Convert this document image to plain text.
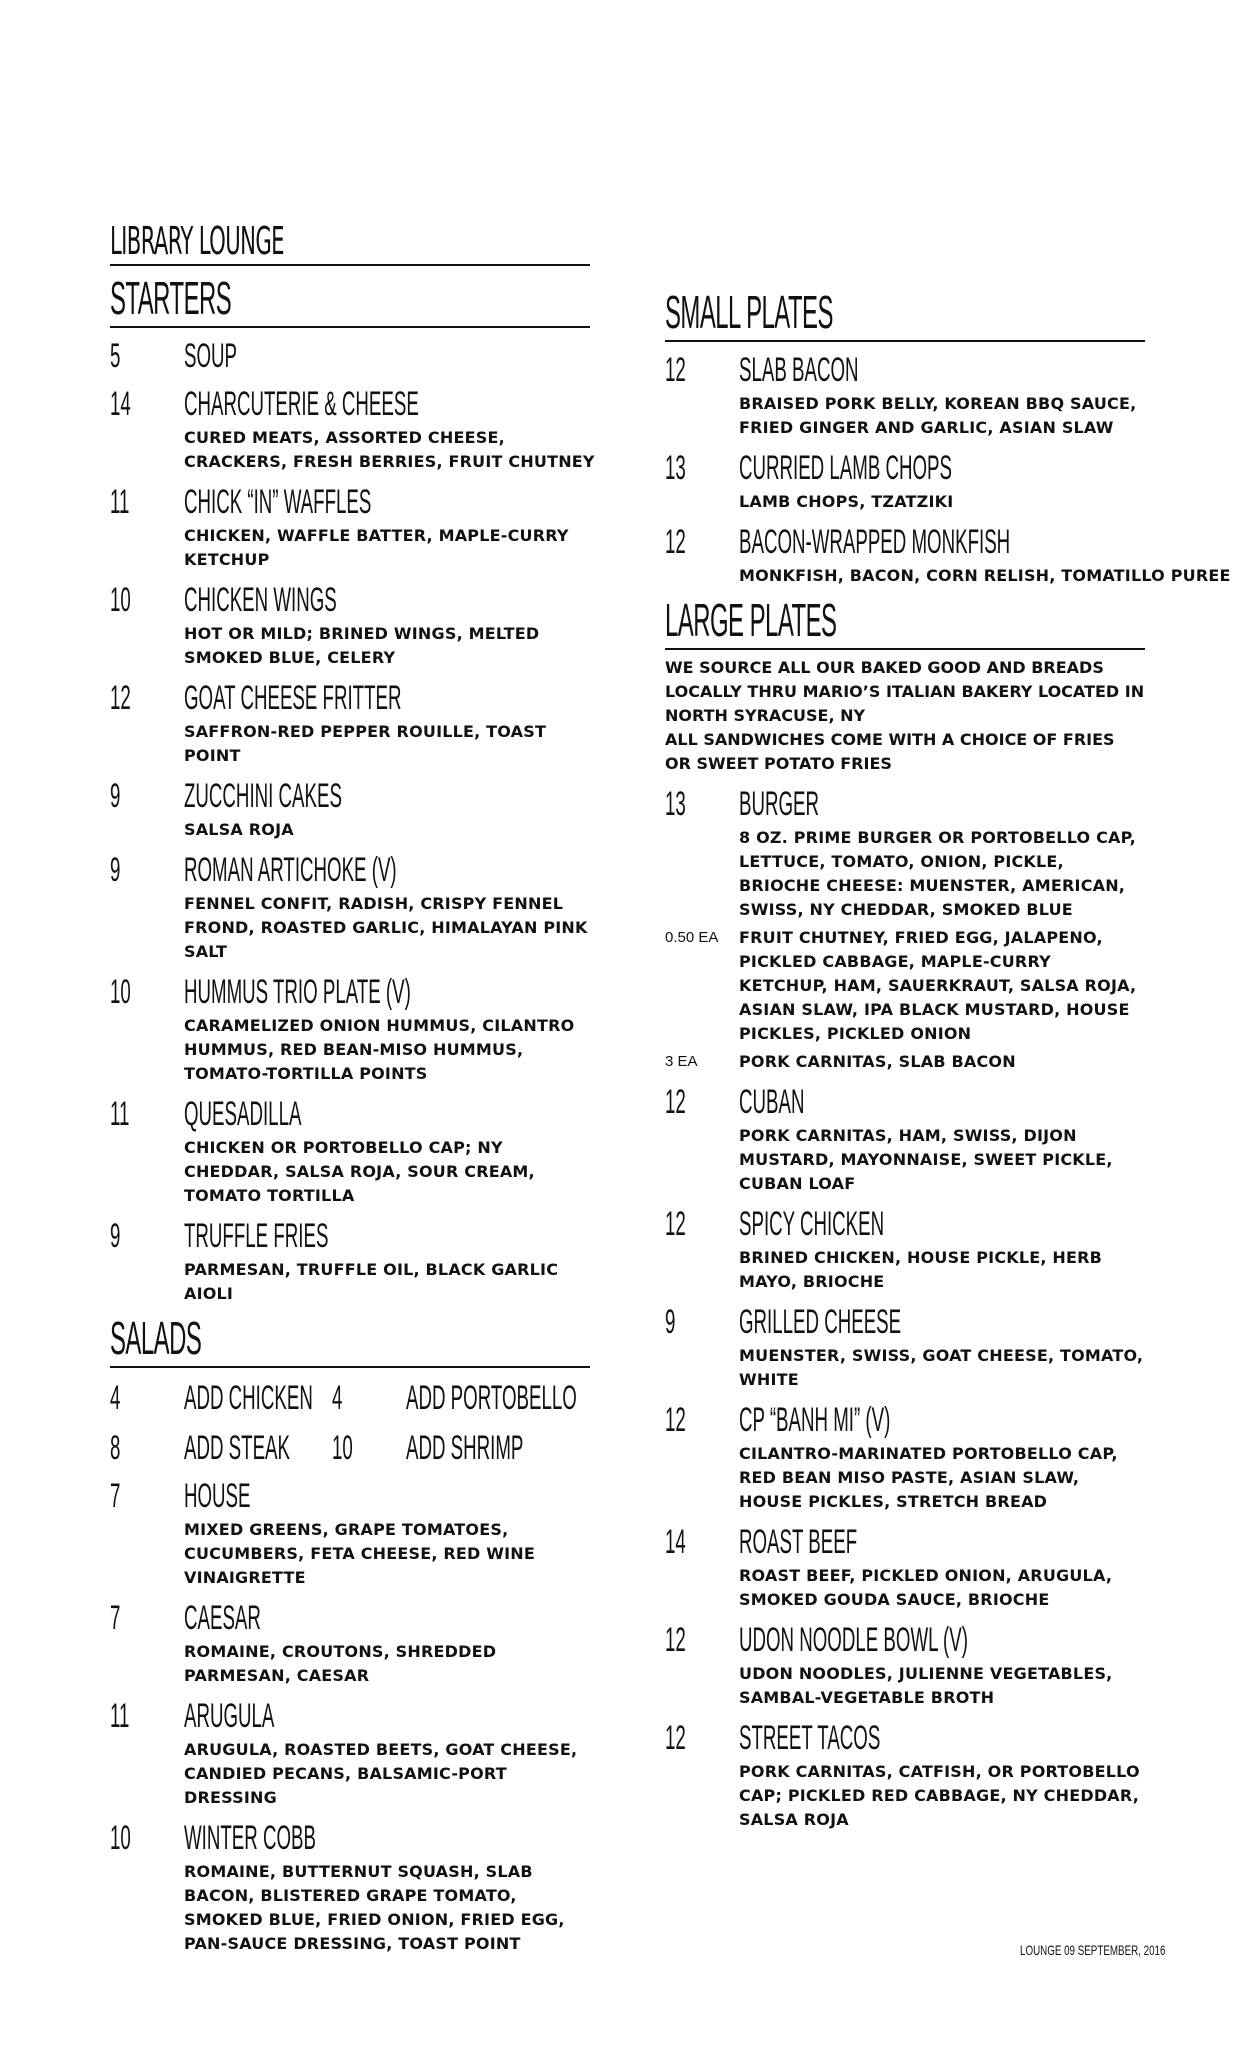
LIBRARY LOUNGE
STARTERS
5	SOUP
14	CHARCUTERIE & CHEESE
CURED MEATS, ASSORTED CHEESE, CRACKERS, FRESH BERRIES, FRUIT CHUTNEY
11	CHICK “IN” WAFFLES
CHICKEN, WAFFLE BATTER, MAPLE-CURRY KETCHUP
10	CHICKEN WINGS
HOT OR MILD; BRINED WINGS, MELTED SMOKED BLUE, CELERY
12	GOAT CHEESE FRITTER
SAFFRON-RED PEPPER ROUILLE, TOAST POINT
9	ZUCCHINI CAKES
SALSA ROJA
9	ROMAN ARTICHOKE (V)
FENNEL CONFIT, RADISH, CRISPY FENNEL FROND, ROASTED GARLIC, HIMALAYAN PINK SALT
10	HUMMUS TRIO PLATE (V)
CARAMELIZED ONION HUMMUS, CILANTRO HUMMUS, RED BEAN-MISO HUMMUS, TOMATO-TORTILLA POINTS
11	QUESADILLA
CHICKEN OR PORTOBELLO CAP; NY CHEDDAR, SALSA ROJA, SOUR CREAM, TOMATO TORTILLA
9	TRUFFLE FRIES
PARMESAN, TRUFFLE OIL, BLACK GARLIC AIOLI
SALADS
4	ADD CHICKEN 4	ADD PORTOBELLO
8	ADD STEAK 10	ADD SHRIMP
7	HOUSE
MIXED GREENS, GRAPE TOMATOES, CUCUMBERS, FETA CHEESE, RED WINE VINAIGRETTE
7	CAESAR
ROMAINE, CROUTONS, SHREDDED PARMESAN, CAESAR
11	ARUGULA
ARUGULA, ROASTED BEETS, GOAT CHEESE, CANDIED PECANS, BALSAMIC-PORT DRESSING
10	WINTER COBB
ROMAINE, BUTTERNUT SQUASH, SLAB BACON, BLISTERED GRAPE TOMATO, SMOKED BLUE, FRIED ONION, FRIED EGG, PAN-SAUCE DRESSING, TOAST POINT
SMALL PLATES
12	SLAB BACON
BRAISED PORK BELLY, KOREAN BBQ SAUCE, FRIED GINGER AND GARLIC, ASIAN SLAW
13	CURRIED LAMB CHOPS
LAMB CHOPS, TZATZIKI
12	BACON-WRAPPED MONKFISH
MONKFISH, BACON, CORN RELISH, TOMATILLO PUREE
LARGE PLATES
WE SOURCE ALL OUR BAKED GOOD AND BREADS LOCALLY THRU MARIO’S ITALIAN BAKERY LOCATED IN NORTH SYRACUSE, NY
ALL SANDWICHES COME WITH A CHOICE OF FRIES OR SWEET POTATO FRIES
13	BURGER
8 OZ. PRIME BURGER OR PORTOBELLO CAP, LETTUCE, TOMATO, ONION, PICKLE, BRIOCHE CHEESE: MUENSTER, AMERICAN, SWISS, NY CHEDDAR, SMOKED BLUE
0.50 EA	FRUIT CHUTNEY, FRIED EGG, JALAPENO, PICKLED CABBAGE, MAPLE-CURRY KETCHUP, HAM, SAUERKRAUT, SALSA ROJA, ASIAN SLAW, IPA BLACK MUSTARD, HOUSE PICKLES, PICKLED ONION
3 EA	PORK CARNITAS, SLAB BACON
12	CUBAN
PORK CARNITAS, HAM, SWISS, DIJON MUSTARD, MAYONNAISE, SWEET PICKLE, CUBAN LOAF
12	SPICY CHICKEN
BRINED CHICKEN, HOUSE PICKLE, HERB MAYO, BRIOCHE
9	GRILLED CHEESE
MUENSTER, SWISS, GOAT CHEESE, TOMATO, WHITE
12	CP “BANH MI” (V)
CILANTRO-MARINATED PORTOBELLO CAP, RED BEAN MISO PASTE, ASIAN SLAW, HOUSE PICKLES, STRETCH BREAD
14	ROAST BEEF
ROAST BEEF, PICKLED ONION, ARUGULA, SMOKED GOUDA SAUCE, BRIOCHE
12	UDON NOODLE BOWL (V)
UDON NOODLES, JULIENNE VEGETABLES, SAMBAL-VEGETABLE BROTH
12	STREET TACOS
PORK CARNITAS, CATFISH, OR PORTOBELLO CAP; PICKLED RED CABBAGE, NY CHEDDAR, SALSA ROJA
LOUNGE 09 SEPTEMBER, 2016
